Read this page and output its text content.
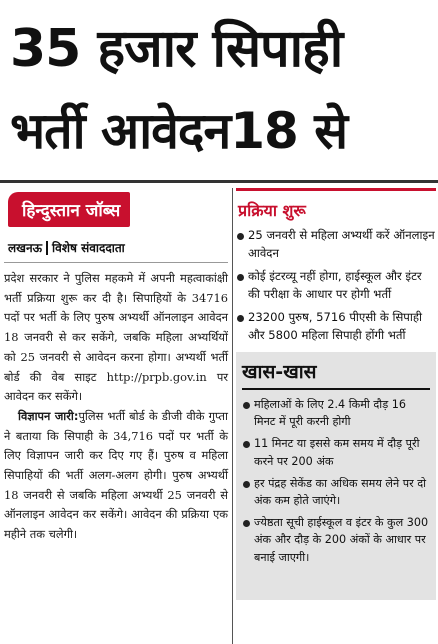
35 हजार सिपाही
भर्ती आवेदन18 से
हिन्दुस्तान जॉब्स
लखनऊ विशेष संवाददाता

प्रदेश सरकार ने पुलिस महकमे में अपनी महत्वाकांक्षी भर्ती प्रक्रिया शुरू कर दी है। सिपाहियों के 34716 पदों पर भर्ती के लिए पुरुष अभ्यर्थी ऑनलाइन आवेदन 18 जनवरी से कर सकेंगे, जबकि महिला अभ्यर्थियों को 25 जनवरी से आवेदन करना होगा। अभ्यर्थी भर्ती बोर्ड की वेब साइट http://prpb.gov.in पर आवेदन कर सकेंगे।

विज्ञापन जारी:पुलिस भर्ती बोर्ड के डीजी वीके गुप्ता ने बताया कि सिपाही के 34,716 पदों पर भर्ती के लिए विज्ञापन जारी कर दिए गए हैं। पुरुष व महिला सिपाहियों की भर्ती अलग-अलग होगी। पुरुष अभ्यर्थी 18 जनवरी से जबकि महिला अभ्यर्थी 25 जनवरी से ऑनलाइन आवेदन कर सकेंगे। आवेदन की प्रक्रिया एक महीने तक चलेगी।

प्रक्रिया शुरू
25 जनवरी से महिला अभ्यर्थी करें ऑनलाइन आवेदन
कोई इंटरव्यू नहीं होगा, हाईस्कूल और इंटर की परीक्षा के आधार पर होगी भर्ती
23200 पुरुष, 5716 पीएसी के सिपाही और 5800 महिला सिपाही होंगी भर्ती
खास-खास
महिलाओं के लिए 2.4 किमी दौड़ 16 मिनट में पूरी करनी होगी
11 मिनट या इससे कम समय में दौड़ पूरी करने पर 200 अंक
हर पंद्रह सेकेंड का अधिक समय लेने पर दो अंक कम होते जाएंगे।
ज्येष्ठता सूची हाईस्कूल व इंटर के कुल 300 अंक और दौड़ के 200 अंकों के आधार पर बनाई जाएगी।
